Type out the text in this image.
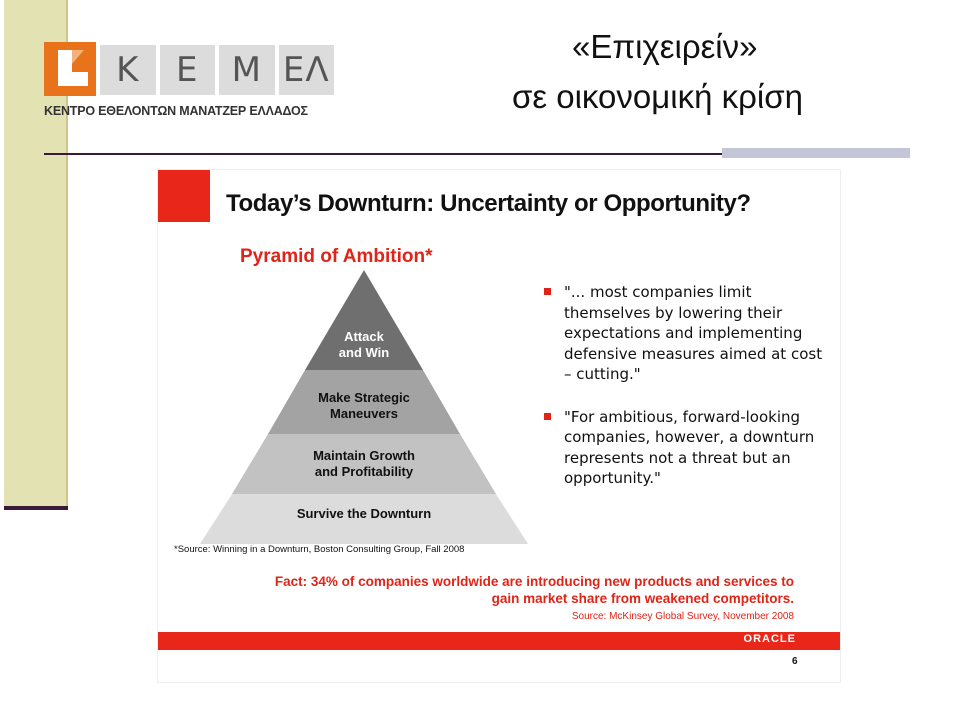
Κ	Ε Μ ΕΛ
ΚΕΝΤΡΟ ΕΘΕΛΟΝΤΩΝ ΜΑΝΑΤΖΕΡ ΕΛΛΑΔΟΣ
«Επιχειρείν»
σε οικονομική κρίση
Today’s Downturn: Uncertainty or Opportunity?
Pyramid of Ambition*
Attack
and Win
Make Strategic
Maneuvers
Maintain Growth
and Profitability
Survive the Downturn
"... most companies limit themselves by lowering their expectations and implementing defensive measures aimed at cost – cutting."
"For ambitious, forward-looking companies, however, a downturn represents not a threat but an opportunity."
*Source: Winning in a Downturn, Boston Consulting Group, Fall 2008
Fact: 34% of companies worldwide are introducing new products and services to
gain market share from weakened competitors.
Source: McKinsey Global Survey, November 2008
ORACLE
6
